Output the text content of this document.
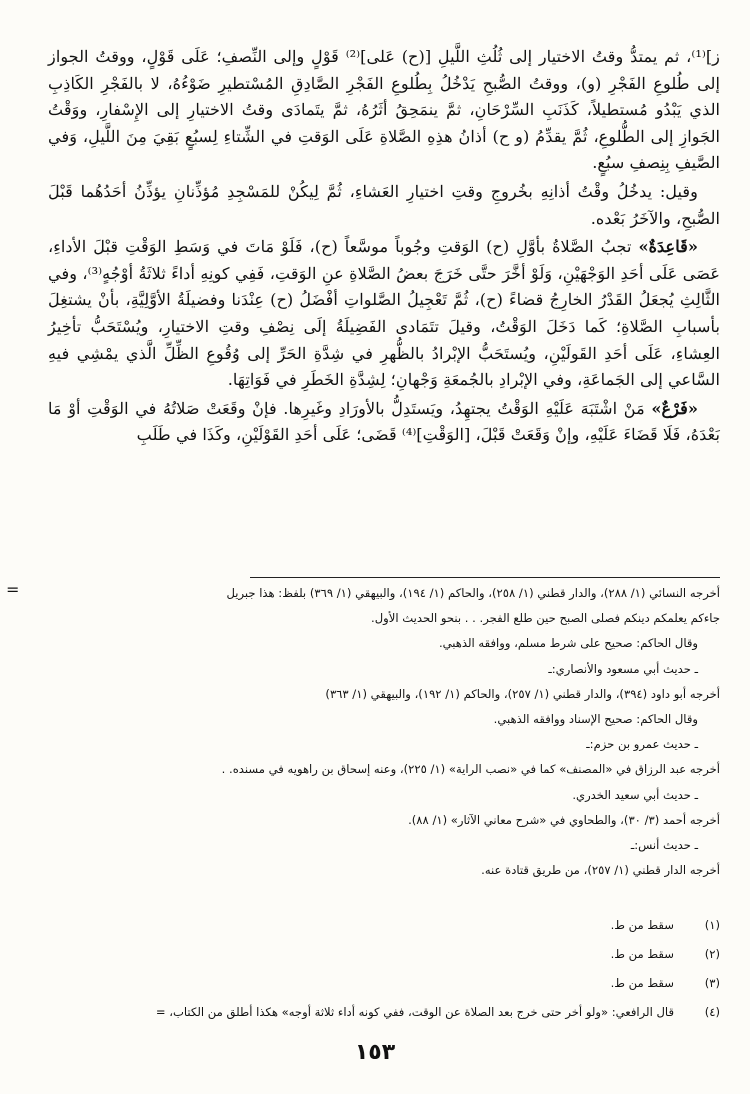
ز]⁽¹⁾، ثم يمتدُّ وقتُ الاختيار إلى ثُلُثِ اللَّيلِ [(ح) عَلى]⁽²⁾ قَوْلٍ وإلى النِّصفِ؛ عَلَى قَوْلٍ، ووقتُ الجواز إلى طُلوعِ الفَجْرِ (و)، ووقتُ الصُّبحِ يَدْخُلُ بِطُلوعِ الفَجْرِ الصَّادِقِ المُسْتطيرِ ضَوْءُهُ، لا بالفَجْرِ الكَاذِبِ الذي يَبْدُو مُستطيلاً، كَذَنَبِ السِّرْحَانِ، ثمَّ ينمَحِقُ أثَرُهُ، ثمَّ يتَمادَى وقتُ الاختيارِ إلى الإِسْفارِ، ووَقْتُ الجَوازِ إلى الطُّلوعِ، ثُمَّ يقدِّمُ (و ح) أذانُ هذِهِ الصَّلاةِ عَلَى الوَقتِ في الشِّتاءِ لِسبُعٍ بَقِيَ مِنَ اللَّيلِ، وَفي الصَّيفِ بِنِصفِ سبُعٍ.

وقيل: يدخُلُ وقْتُ أذانِهِ بخُروجِ وقتِ اختيارِ العَشاءِ، ثُمَّ لِيكُنْ للمَسْجِدِ مُؤذِّنانِ يؤذِّنُ أحَدُهُما قَبْلَ الصُّبحِ، والآخَرُ بَعْده.

«قَاعِدَةٌ» تجبُ الصَّلاةُ بأوَّلِ (ح) الوَقتِ وجُوباً موسَّعاً (ح)، فَلَوْ مَاتَ في وَسَطِ الوَقْتِ قبْلَ الأداءِ، عَصَى عَلَى أحَدِ الوَجْهَيْنِ، وَلَوْ أخَّرَ حتَّى خَرَجَ بعضُ الصَّلاةِ عنِ الوَقتِ، فَفِي كونِهِ أداءً ثلاثَةُ أوْجُهٍ⁽³⁾، وفي الثَّالِثِ يُجعَلُ القَدْرُ الخارِجُ قضاءً (ح)، ثُمَّ تَعْجِيلُ الصَّلواتِ أفْضَلُ (ح) عِنْدَنا وفضيلَةُ الأوَّلِيَّةِ، بأنْ يشتغِلَ بأسبابِ الصَّلاةِ؛ كَما دَخَلَ الوَقْتُ، وقيلَ تتَمَادى الفَضِيلَةُ إلَى نِصْفِ وقتِ الاختيارِ، ويُسْتَحَبُّ تأخِيرُ العِشاءِ، عَلَى أحَدِ القَولَيْنِ، ويُستَحَبُّ الإبْرادُ بالظُّهرِ في شِدَّةِ الحَرِّ إلى وُقُوعِ الظِّلِّ الَّذي يمْشِي فيهِ السَّاعي إلى الجَماعَةِ، وفي الإبْرادِ بالجُمعَةِ وَجْهانِ؛ لِشِدَّةِ الخَطَرِ في فَوَاتِهَا.

«فَرْعٌ» مَنْ اشْتَبَهَ عَلَيْهِ الوَقْتُ يجتهِدُ، ويَستَدِلُّ بالأورَادِ وغَيرِها. فإنْ وقَعَتْ صَلاتُهُ في الوَقْتِ أوْ مَا بَعْدَهُ، فَلَا قَضَاءَ عَلَيْهِ، وإنْ وَقَعَتْ قَبْلَ، [الوَقْتِ]⁽⁴⁾ قَضَى؛ عَلَى أحَدِ القَوْلَيْنِ، وكَذَا في طَلَبِ

=	أخرجه النسائي (١/ ٢٨٨)، والدار قطني (١/ ٢٥٨)، والحاكم (١/ ١٩٤)، والبيهقي (١/ ٣٦٩) بلفظ: هذا جبريل
جاءكم يعلمكم دينكم فصلى الصبح حين طلع الفجر. . . بنحو الحديث الأول.
وقال الحاكم: صحيح على شرط مسلم، ووافقه الذهبي.
ـ حديث أبي مسعود والأنصاري:ـ
أخرجه أبو داود (٣٩٤)، والدار قطني (١/ ٢٥٧)، والحاكم (١/ ١٩٢)، والبيهقي (١/ ٣٦٣)
وقال الحاكم: صحيح الإسناد ووافقه الذهبي.
ـ حديث عمرو بن حزم:ـ
أخرجه عبد الرزاق في «المصنف» كما في «نصب الراية» (١/ ٢٢٥)، وعنه إسحاق بن راهويه في مسنده. .
ـ حديث أبي سعيد الخدري.
أخرجه أحمد (٣/ ٣٠)، والطحاوي في «شرح معاني الآثار» (١/ ٨٨).
ـ حديث أنس:ـ
أخرجه الدار قطني (١/ ٢٥٧)، من طريق قتادة عنه.
(١)سقط من ط.
(٢)سقط من ط.
(٣)سقط من ط.
(٤)قال الرافعي: «ولو أخر حتى خرج بعد الصلاة عن الوقت، ففي كونه أداء ثلاثة أوجه» هكذا أطلق من الكتاب، =
١٥٣
